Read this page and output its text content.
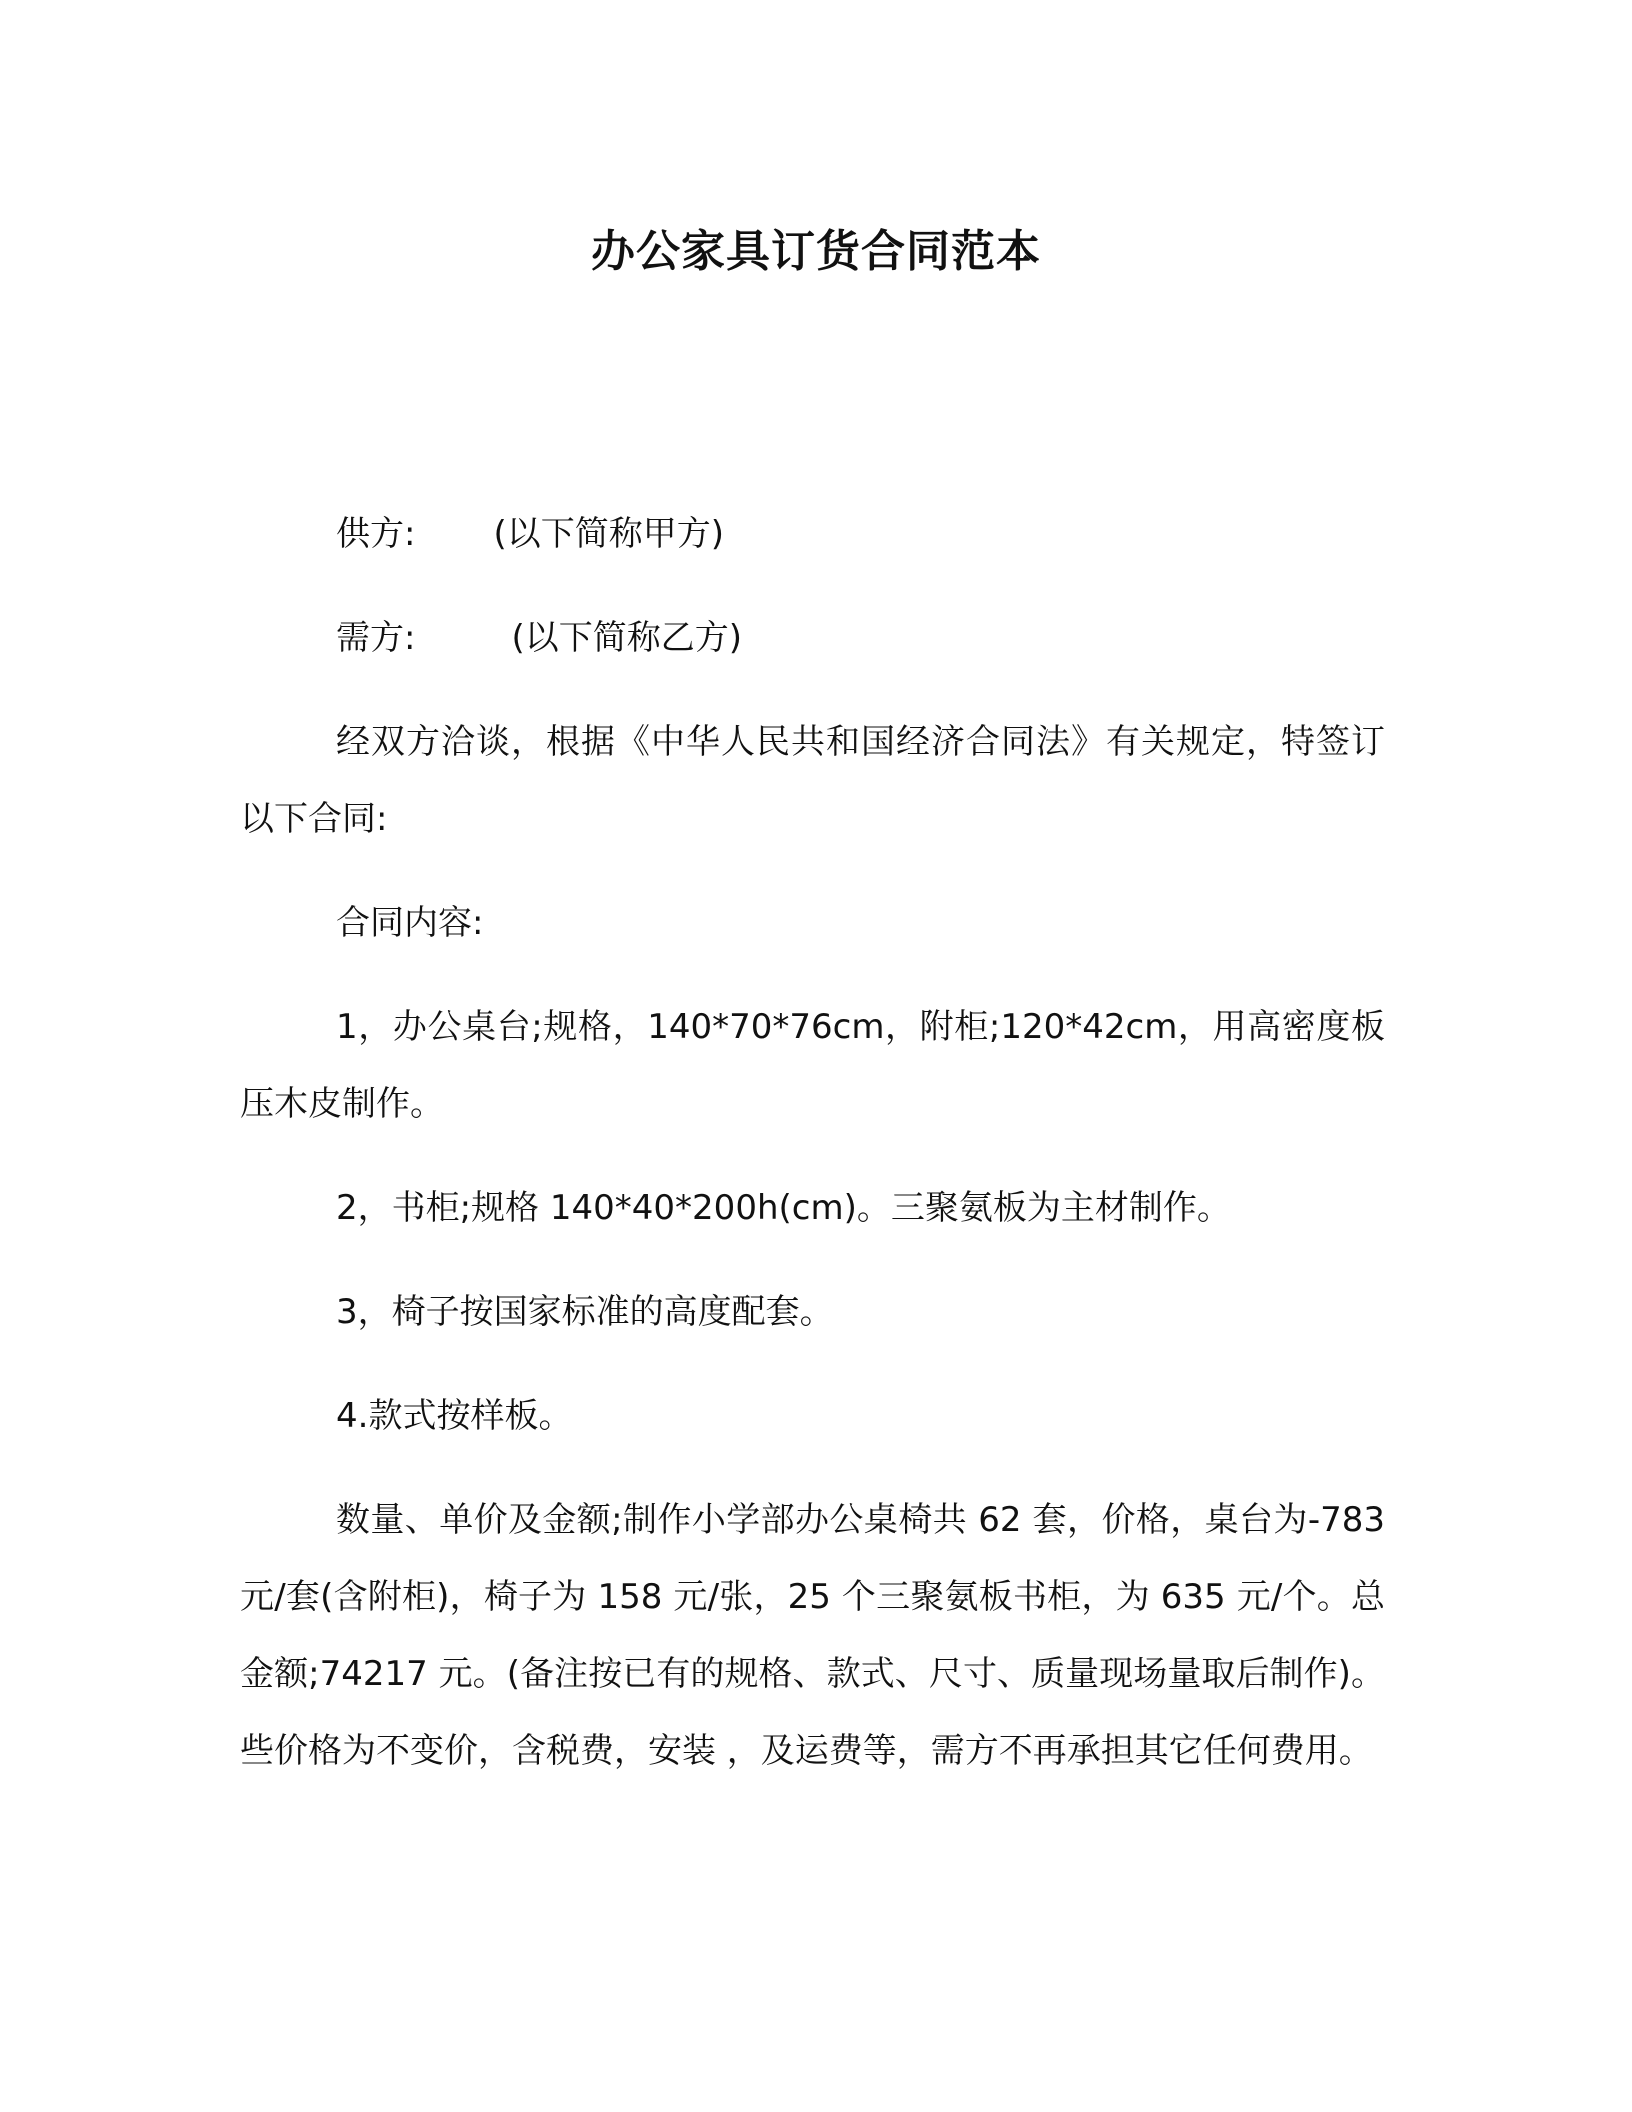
办公家具订货合同范本

供方: (以下简称甲方)

需方:	(以下简称乙方)

经双方洽谈，根据《中华人民共和国经济合同法》有关规定，特签订以下合同:

合同内容:

1，办公桌台;规格，140*70*76cm，附柜;120*42cm，用高密度板压木皮制作。

2，书柜;规格 140*40*200h(cm)。三聚氨板为主材制作。

3，椅子按国家标准的高度配套。

4.款式按样板。

数量、单价及金额;制作小学部办公桌椅共 62 套，价格，桌台为-783 元/套(含附柜)，椅子为 158 元/张，25 个三聚氨板书柜，为 635 元/个。总金额;74217 元。(备注按已有的规格、款式、尺寸、质量现场量取后制作)。些价格为不变价，含税费，安装 ，及运费等，需方不再承担其它任何费用。
